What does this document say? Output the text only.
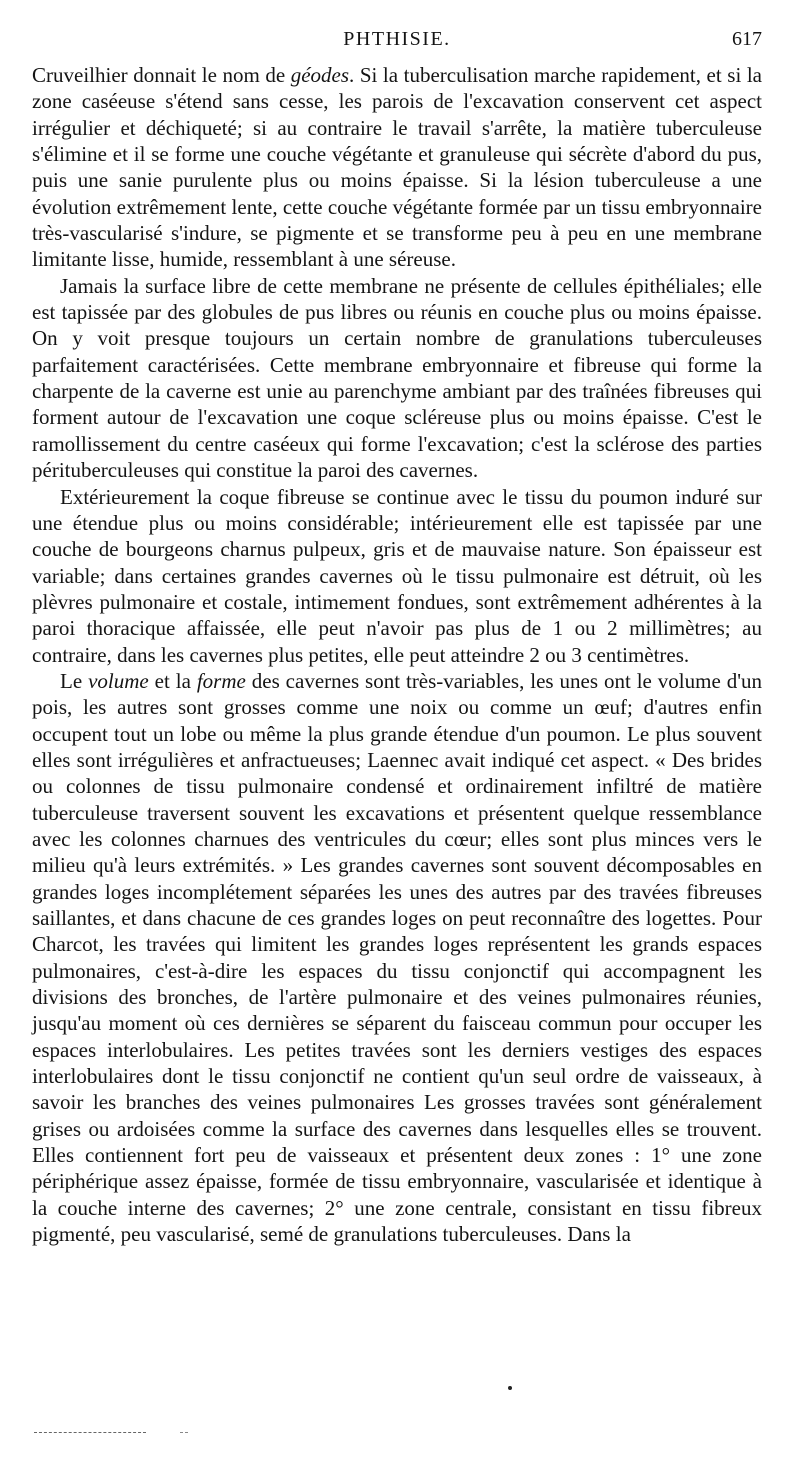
PHTHISIE.	617

Cruveilhier donnait le nom de géodes. Si la tuberculisation marche rapidement, et si la zone caséeuse s'étend sans cesse, les parois de l'excavation conservent cet aspect irrégulier et déchiqueté; si au contraire le travail s'arrête, la matière tuberculeuse s'élimine et il se forme une couche végétante et granuleuse qui sécrète d'abord du pus, puis une sanie purulente plus ou moins épaisse. Si la lésion tuberculeuse a une évolution extrêmement lente, cette couche végétante formée par un tissu embryonnaire très-vascularisé s'indure, se pigmente et se transforme peu à peu en une membrane limitante lisse, humide, ressemblant à une séreuse.

Jamais la surface libre de cette membrane ne présente de cellules épithéliales; elle est tapissée par des globules de pus libres ou réunis en couche plus ou moins épaisse. On y voit presque toujours un certain nombre de granulations tuberculeuses parfaitement caractérisées. Cette membrane embryonnaire et fibreuse qui forme la charpente de la caverne est unie au parenchyme ambiant par des traînées fibreuses qui forment autour de l'excavation une coque scléreuse plus ou moins épaisse. C'est le ramollissement du centre caséeux qui forme l'excavation; c'est la sclérose des parties pérituberculeuses qui constitue la paroi des cavernes.

Extérieurement la coque fibreuse se continue avec le tissu du poumon induré sur une étendue plus ou moins considérable; intérieurement elle est tapissée par une couche de bourgeons charnus pulpeux, gris et de mauvaise nature. Son épaisseur est variable; dans certaines grandes cavernes où le tissu pulmonaire est détruit, où les plèvres pulmonaire et costale, intimement fondues, sont extrêmement adhérentes à la paroi thoracique affaissée, elle peut n'avoir pas plus de 1 ou 2 millimètres; au contraire, dans les cavernes plus petites, elle peut atteindre 2 ou 3 centimètres.

Le volume et la forme des cavernes sont très-variables, les unes ont le volume d'un pois, les autres sont grosses comme une noix ou comme un œuf; d'autres enfin occupent tout un lobe ou même la plus grande étendue d'un poumon. Le plus souvent elles sont irrégulières et anfractueuses; Laennec avait indiqué cet aspect. « Des brides ou colonnes de tissu pulmonaire condensé et ordinairement infiltré de matière tuberculeuse traversent souvent les excavations et présentent quelque ressemblance avec les colonnes charnues des ventricules du cœur; elles sont plus minces vers le milieu qu'à leurs extrémités. » Les grandes cavernes sont souvent décomposables en grandes loges incomplétement séparées les unes des autres par des travées fibreuses saillantes, et dans chacune de ces grandes loges on peut reconnaître des logettes. Pour Charcot, les travées qui limitent les grandes loges représentent les grands espaces pulmonaires, c'est-à-dire les espaces du tissu conjonctif qui accompagnent les divisions des bronches, de l'artère pulmonaire et des veines pulmonaires réunies, jusqu'au moment où ces dernières se séparent du faisceau commun pour occuper les espaces interlobulaires. Les petites travées sont les derniers vestiges des espaces interlobulaires dont le tissu conjonctif ne contient qu'un seul ordre de vaisseaux, à savoir les branches des veines pulmonaires Les grosses travées sont généralement grises ou ardoisées comme la surface des cavernes dans lesquelles elles se trouvent. Elles contiennent fort peu de vaisseaux et présentent deux zones : 1° une zone périphérique assez épaisse, formée de tissu embryonnaire, vascularisée et identique à la couche interne des cavernes; 2° une zone centrale, consistant en tissu fibreux pigmenté, peu vascularisé, semé de granulations tuberculeuses. Dans la
